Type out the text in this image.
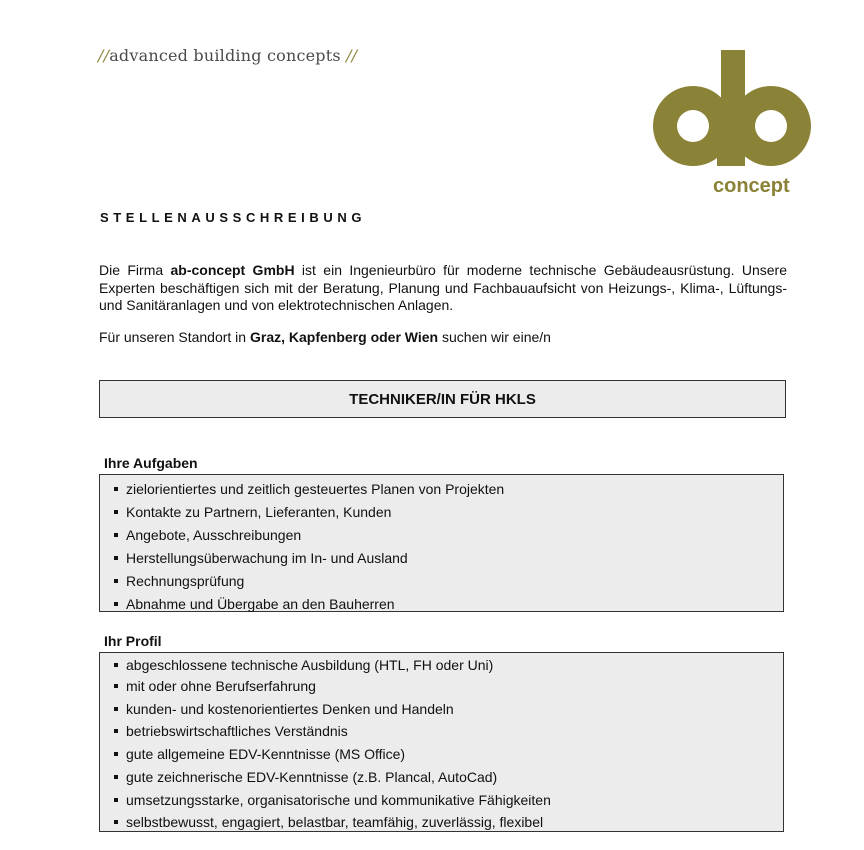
//advanced building concepts //
concept
STELLENAUSSCHREIBUNG
Die Firma ab-concept GmbH ist ein Ingenieurbüro für moderne technische Gebäudeausrüstung. Unsere Experten beschäftigen sich mit der Beratung, Planung und Fachbauaufsicht von Heizungs-, Klima-, Lüftungs- und Sanitäranlagen und von elektrotechnischen Anlagen.
Für unseren Standort in Graz, Kapfenberg oder Wien suchen wir eine/n
TECHNIKER/IN FÜR HKLS
Ihre Aufgaben
zielorientiertes und zeitlich gesteuertes Planen von Projekten
Kontakte zu Partnern, Lieferanten, Kunden
Angebote, Ausschreibungen
Herstellungsüberwachung im In- und Ausland
Rechnungsprüfung
Abnahme und Übergabe an den Bauherren
Ihr Profil
abgeschlossene technische Ausbildung (HTL, FH oder Uni)
mit oder ohne Berufserfahrung
kunden- und kostenorientiertes Denken und Handeln
betriebswirtschaftliches Verständnis
gute allgemeine EDV-Kenntnisse (MS Office)
gute zeichnerische EDV-Kenntnisse (z.B. Plancal, AutoCad)
umsetzungsstarke, organisatorische und kommunikative Fähigkeiten
selbstbewusst, engagiert, belastbar, teamfähig, zuverlässig, flexibel
